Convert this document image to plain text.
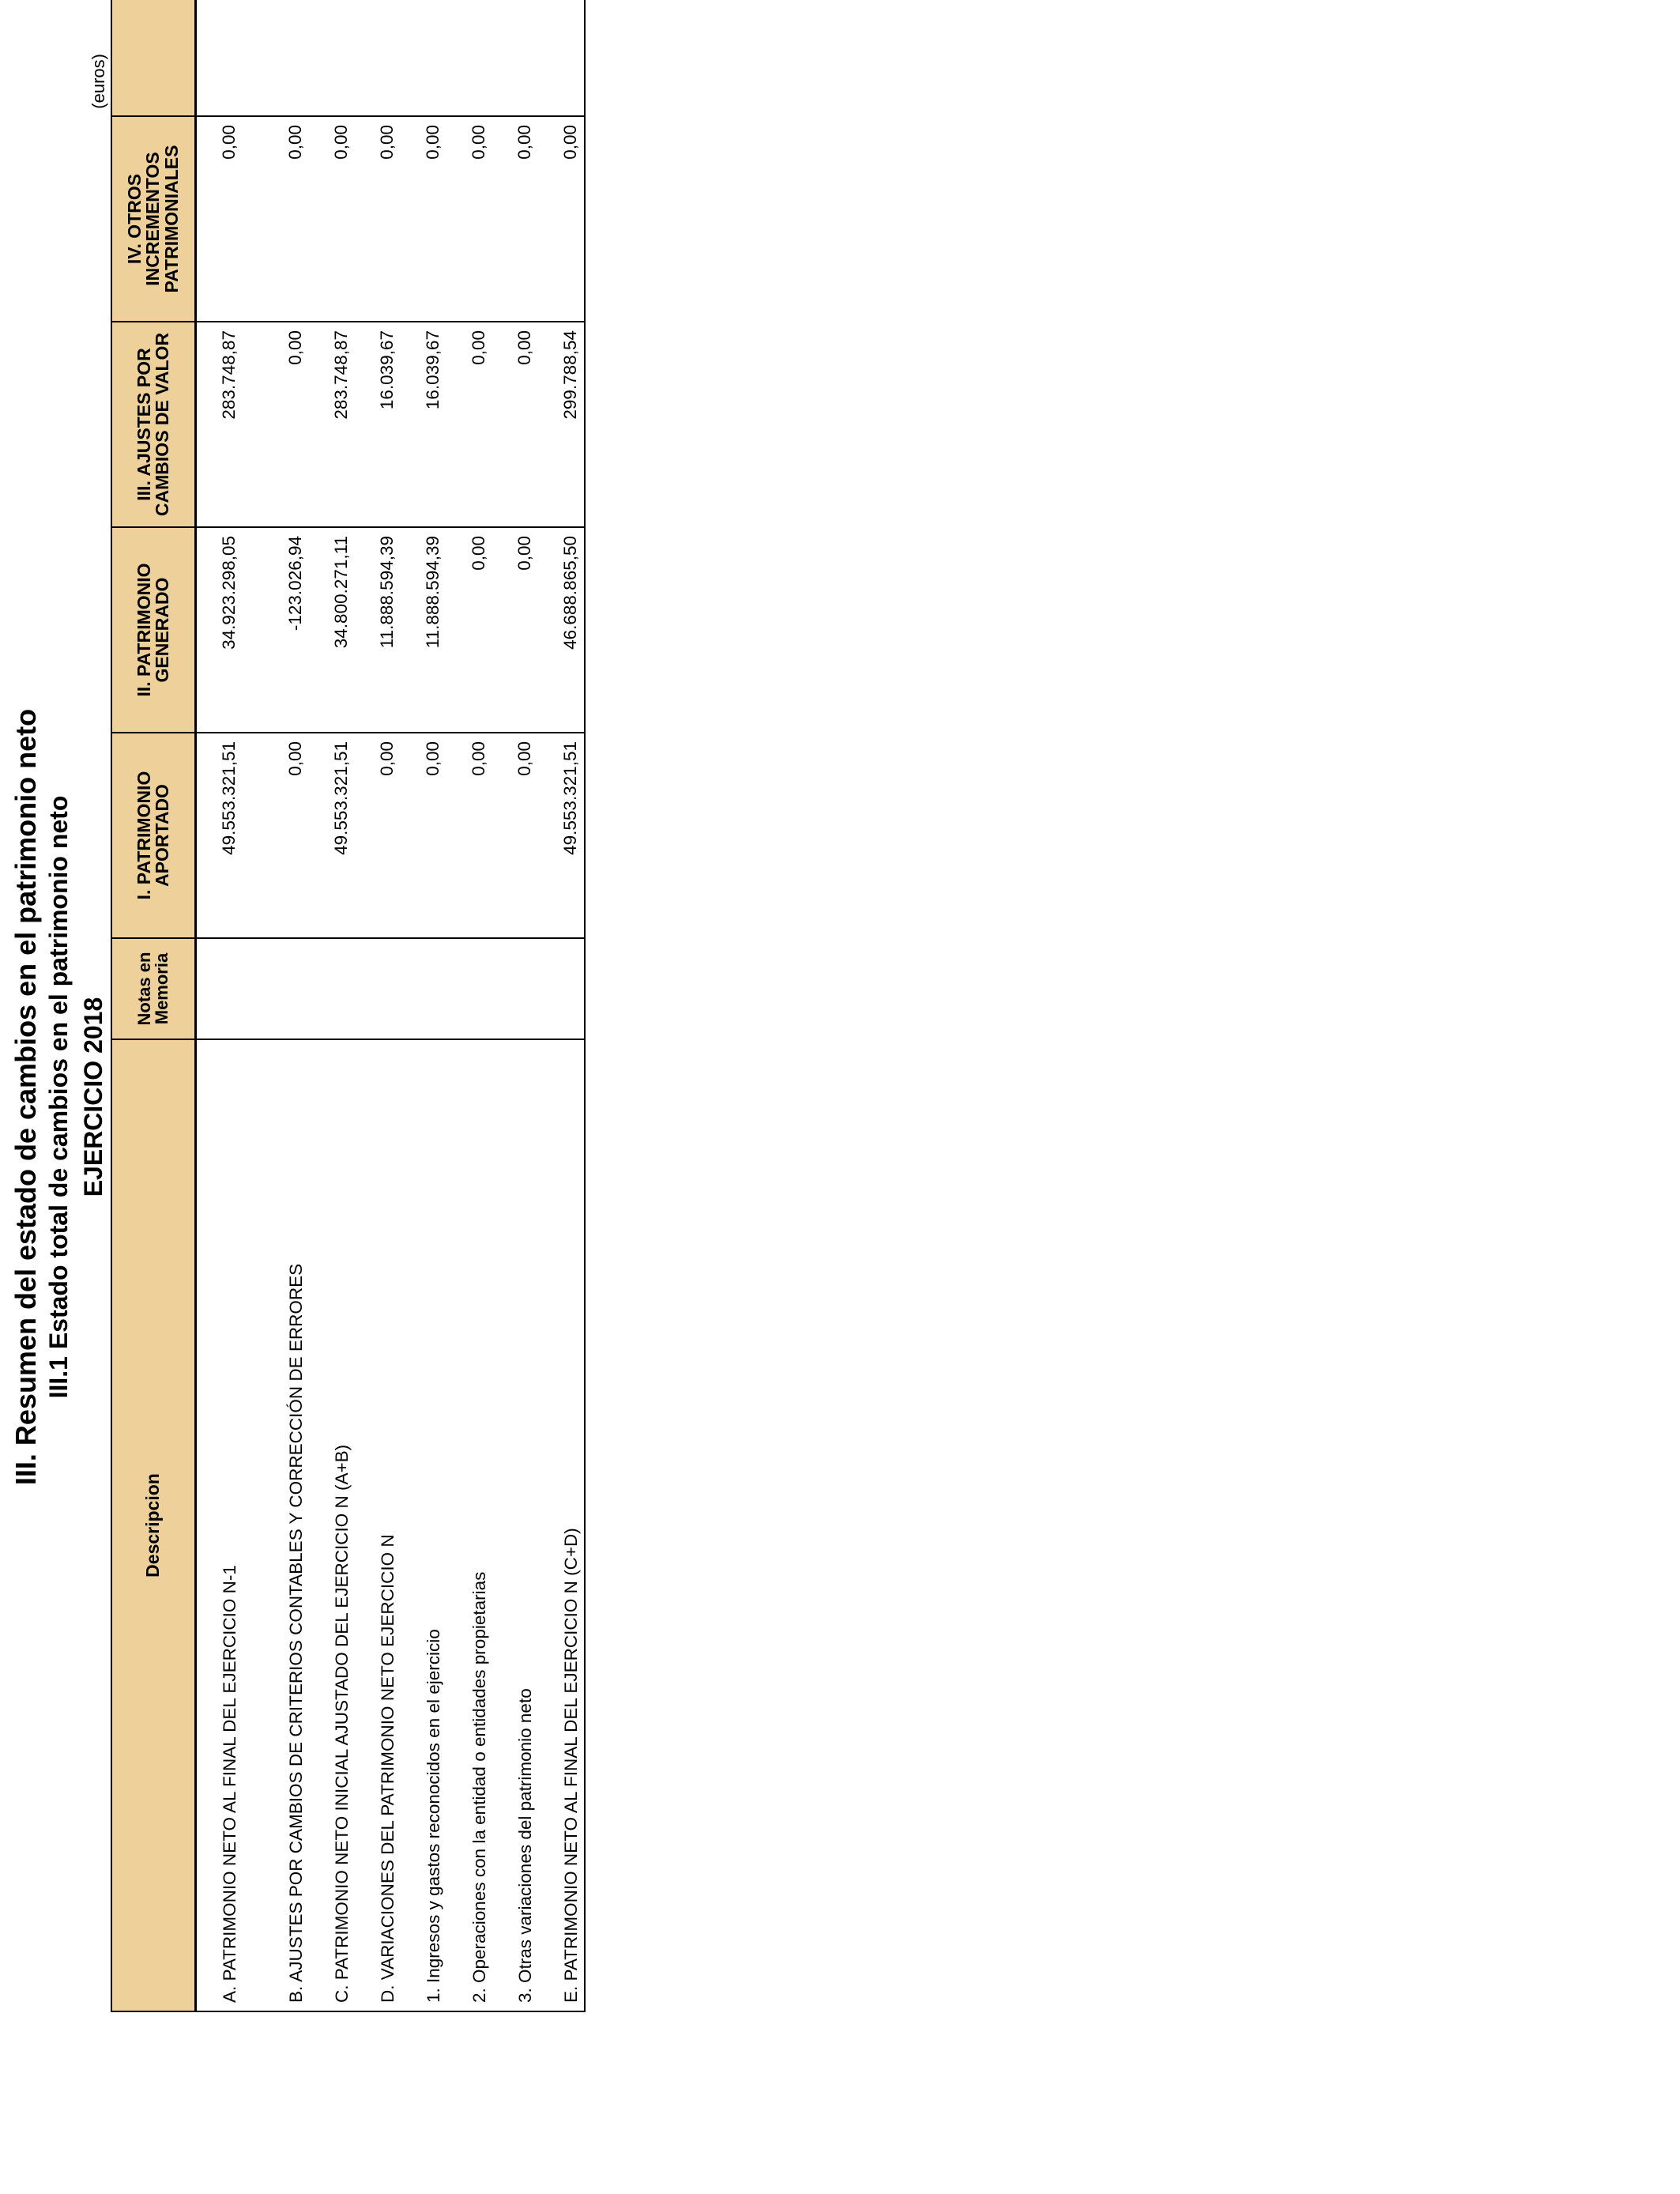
III. Resumen del estado de cambios en el patrimonio neto III.1 Estado total de cambios en el patrimonio neto EJERCICIO 2018
(euros)
Descripcion	Notas en Memoria	I. PATRIMONIO APORTADO	II. PATRIMONIO GENERADO	III. AJUSTES POR CAMBIOS DE VALOR	IV. OTROS INCREMENTOS PATRIMONIALES	
A. PATRIMONIO NETO AL FINAL DEL EJERCICIO N-1		49.553.321,51	34.923.298,05	283.748,87	0,00	
B. AJUSTES POR CAMBIOS DE CRITERIOS CONTABLES Y CORRECCIÓN DE ERRORES		0,00	-123.026,94	0,00	0,00	
C. PATRIMONIO NETO INICIAL AJUSTADO DEL EJERCICIO N (A+B)		49.553.321,51	34.800.271,11	283.748,87	0,00	
D. VARIACIONES DEL PATRIMONIO NETO EJERCICIO N		0,00	11.888.594,39	16.039,67	0,00	
1. Ingresos y gastos reconocidos en el ejercicio		0,00	11.888.594,39	16.039,67	0,00	
2. Operaciones con la entidad o entidades propietarias		0,00	0,00	0,00	0,00	
3. Otras variaciones del patrimonio neto		0,00	0,00	0,00	0,00	
E. PATRIMONIO NETO AL FINAL DEL EJERCICIO N (C+D)		49.553.321,51	46.688.865,50	299.788,54	0,00	
